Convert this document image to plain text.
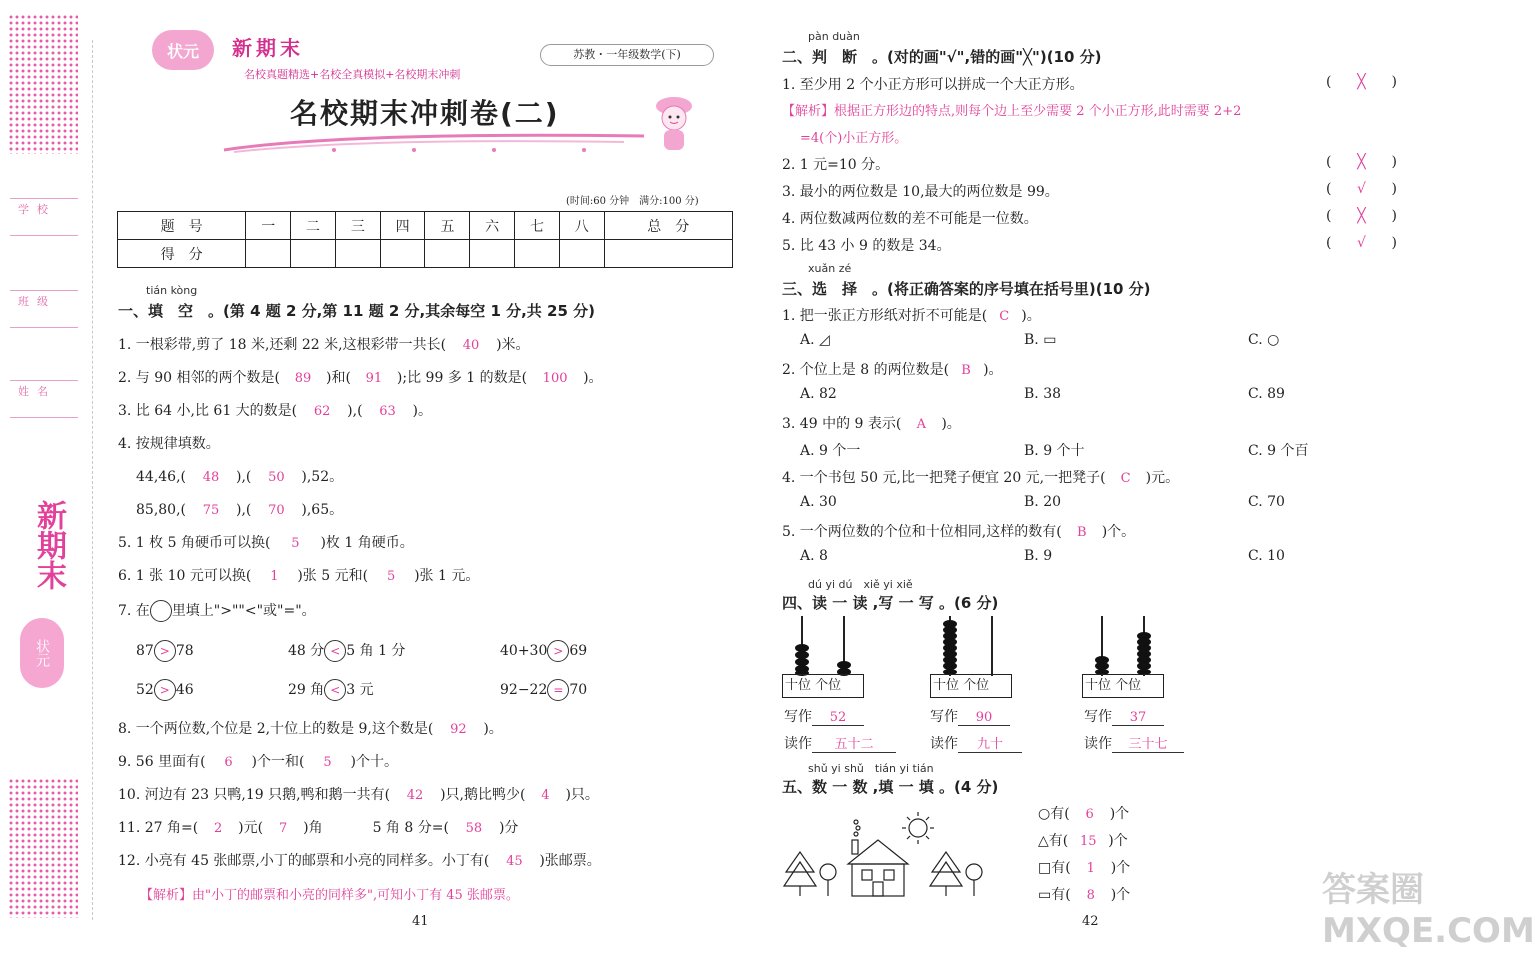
学校
班级
姓名
新期末
状元
状元	新期末
名校真题精选+名校全真模拟+名校期末冲刺
苏教・一年级数学(下)
名校期末冲刺卷(二)
(时间:60 分钟　满分:100 分)
题　号	一	二	三	四	五	六	七	八	总　分
得　分									
tián kòng
一、填　空　。(第 4 题 2 分,第 11 题 2 分,其余每空 1 分,共 25 分)
1. 一根彩带,剪了 18 米,还剩 22 米,这根彩带一共长( 40 )米。
2. 与 90 相邻的两个数是( 89 )和( 91 );比 99 多 1 的数是( 100 )。
3. 比 64 小,比 61 大的数是( 62 ),( 63 )。
4. 按规律填数。
44,46,( 48 ),( 50 ),52。
85,80,( 75 ),( 70 ),65。
5. 1 枚 5 角硬币可以换( 5 )枚 1 角硬币。
6. 1 张 10 元可以换( 1 )张 5 元和( 5 )张 1 元。
7. 在 里填上">""<"或"="。
87 > 78	48 分 < 5 角 1 分	40+30 > 69
52 > 46	29 角 < 3 元	92−22 = 70
8. 一个两位数,个位是 2,十位上的数是 9,这个数是( 92 )。
9. 56 里面有( 6 )个一和( 5 )个十。
10. 河边有 23 只鸭,19 只鹅,鸭和鹅一共有( 42 )只,鹅比鸭少( 4 )只。
11. 27 角=( 2 )元( 7 )角	5 角 8 分=( 58 )分
12. 小亮有 45 张邮票,小丁的邮票和小亮的同样多。小丁有( 45 )张邮票。
【解析】由"小丁的邮票和小亮的同样多",可知小丁有 45 张邮票。
41
pàn duàn
二、判　断　。(对的画"√",错的画"╳")(10 分)
1. 至少用 2 个小正方形可以拼成一个大正方形。	( ╳ )
【解析】根据正方形边的特点,则每个边上至少需要 2 个小正方形,此时需要 2+2
=4(个)小正方形。
2. 1 元=10 分。	( ╳ )
3. 最小的两位数是 10,最大的两位数是 99。	( √ )
4. 两位数减两位数的差不可能是一位数。	( ╳ )
5. 比 43 小 9 的数是 34。	( √ )
xuǎn zé
三、选　择　。(将正确答案的序号填在括号里)(10 分)
1. 把一张正方形纸对折不可能是( C )。
A. ◿	B. ▭	C. ○
2. 个位上是 8 的两位数是( B )。
A. 82	B. 38	C. 89
3. 49 中的 9 表示( A )。
A. 9 个一	B. 9 个十	C. 9 个百
4. 一个书包 50 元,比一把凳子便宜 20 元,一把凳子( C )元。
A. 30	B. 20	C. 70
5. 一个两位数的个位和十位相同,这样的数有( B )个。
A. 8	B. 9	C. 10
dú yi dú　xiě yi xiě
四、读 一 读 ,写 一 写 。(6 分)
十位 个位
写作 52
读作 五十二
十位 个位
写作 90
读作 九十
十位 个位
写作 37
读作 三十七
shǔ yi shǔ　tián yi tián
五、数 一 数 ,填 一 填 。(4 分)
○有( 6 )个
△有( 15 )个
□有( 1 )个
▭有( 8 )个
42
答案圈 MXQE.COM
